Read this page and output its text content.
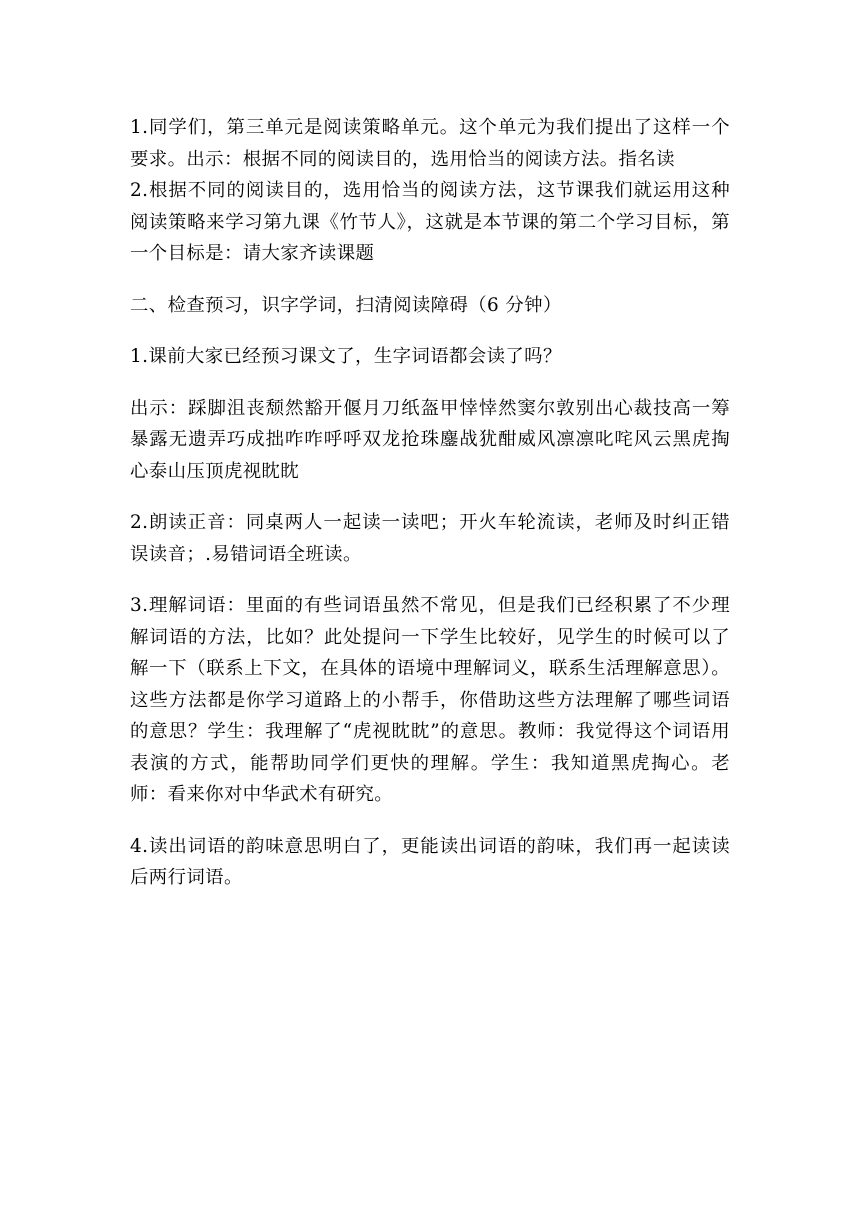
1.同学们，第三单元是阅读策略单元。这个单元为我们提出了这样一个要求。出示：根据不同的阅读目的，选用恰当的阅读方法。指名读

2.根据不同的阅读目的，选用恰当的阅读方法，这节课我们就运用这种阅读策略来学习第九课《竹节人》，这就是本节课的第二个学习目标，第一个目标是：请大家齐读课题

二、检查预习，识字学词，扫清阅读障碍（6 分钟）

1.课前大家已经预习课文了，生字词语都会读了吗？

出示：踩脚沮丧颓然豁开偃月刀纸盔甲悻悻然窦尔敦别出心裁技高一筹暴露无遗弄巧成拙咋咋呼呼双龙抢珠鏖战犹酣威风凛凛叱咤风云黑虎掏心泰山压顶虎视眈眈

2.朗读正音：同桌两人一起读一读吧；开火车轮流读，老师及时纠正错误读音；.易错词语全班读。

3.理解词语：里面的有些词语虽然不常见，但是我们已经积累了不少理解词语的方法，比如？此处提问一下学生比较好，见学生的时候可以了解一下（联系上下文，在具体的语境中理解词义，联系生活理解意思）。这些方法都是你学习道路上的小帮手，你借助这些方法理解了哪些词语的意思？学生：我理解了“虎视眈眈”的意思。教师：我觉得这个词语用表演的方式，能帮助同学们更快的理解。学生：我知道黑虎掏心。老师：看来你对中华武术有研究。

4.读出词语的韵味意思明白了，更能读出词语的韵味，我们再一起读读后两行词语。
